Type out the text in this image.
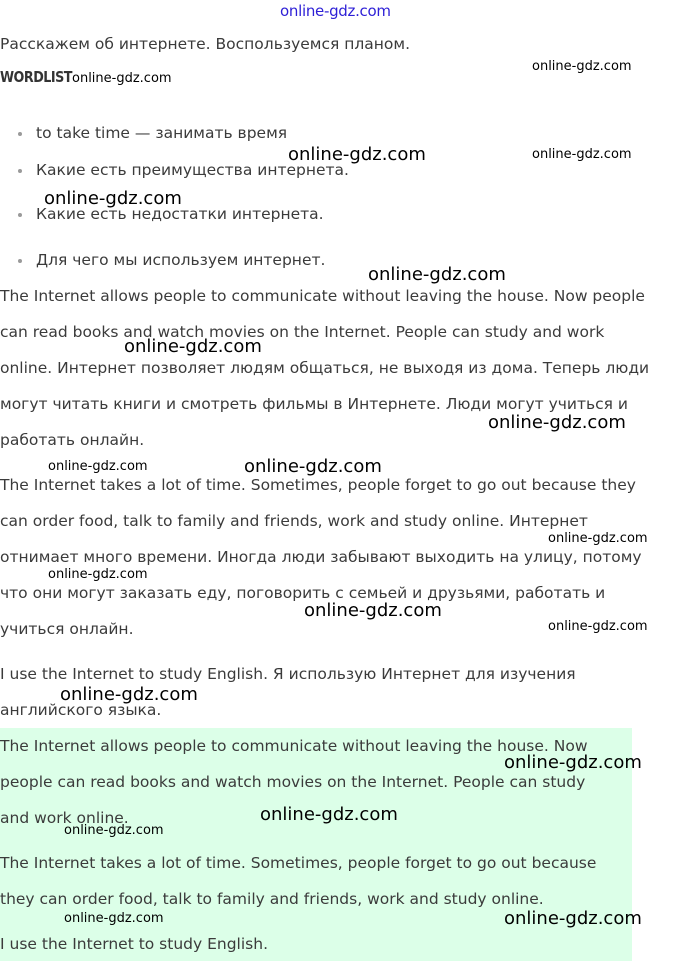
online-gdz.com
Расскажем об интернете. Воспользуемся планом.
WORDLIST
to take time — занимать время
Какие есть преимущества интернета.
Какие есть недостатки интернета.
Для чего мы используем интернет.
The Internet allows people to communicate without leaving the house. Now people
can read books and watch movies on the Internet. People can study and work
online. Интернет позволяет людям общаться, не выходя из дома. Теперь люди
могут читать книги и смотреть фильмы в Интернете. Люди могут учиться и
работать онлайн.
The Internet takes a lot of time. Sometimes, people forget to go out because they
can order food, talk to family and friends, work and study online. Интернет
отнимает много времени. Иногда люди забывают выходить на улицу, потому
что они могут заказать еду, поговорить с семьей и друзьями, работать и
учиться онлайн.
I use the Internet to study English. Я использую Интернет для изучения
английского языка.
The Internet allows people to communicate without leaving the house. Now
people can read books and watch movies on the Internet. People can study
and work online.
The Internet takes a lot of time. Sometimes, people forget to go out because
they can order food, talk to family and friends, work and study online.
I use the Internet to study English.
online-gdz.com
online-gdz.com
online-gdz.com	online-gdz.com
online-gdz.com
online-gdz.com
online-gdz.com
online-gdz.com
online-gdz.com	online-gdz.com
online-gdz.com
online-gdz.com
online-gdz.com
online-gdz.com
online-gdz.com
online-gdz.com
online-gdz.com
online-gdz.com
online-gdz.com
online-gdz.com
